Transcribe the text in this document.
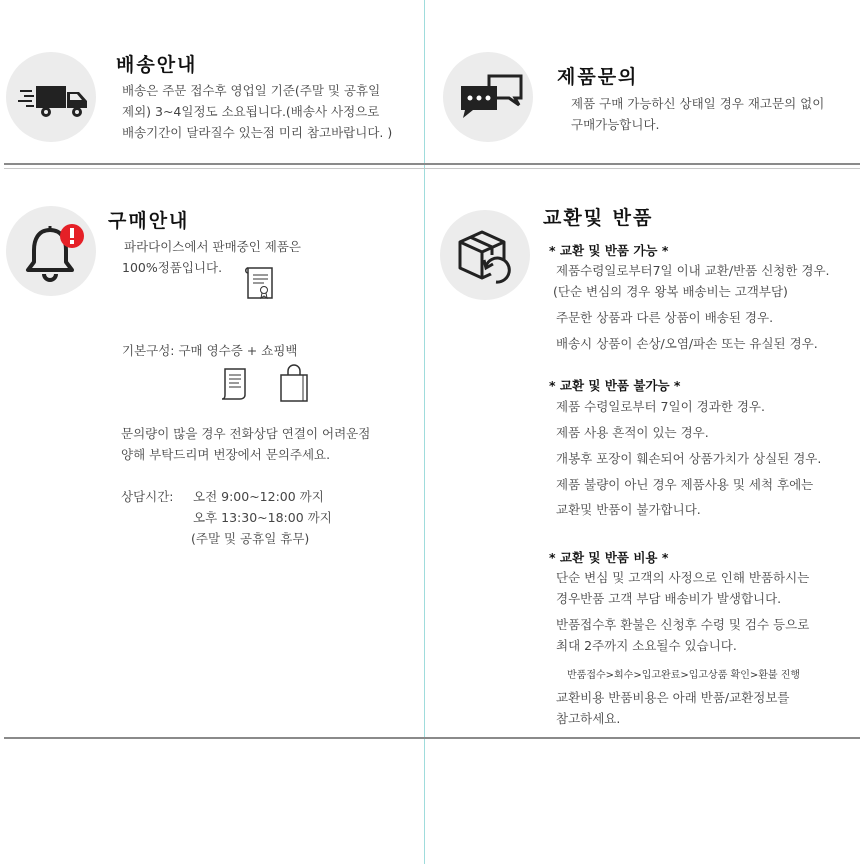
배송안내
배송은 주문 접수후 영업일 기준(주말 및 공휴일
제외) 3~4일정도 소요됩니다.(배송사 사정으로
배송기간이 달라질수 있는점 미리 참고바랍니다. )
제품문의
제품 구매 가능하신 상태일 경우 재고문의 없이
구매가능합니다.
구매안내
파라다이스에서 판매중인 제품은
100%정품입니다.
기본구성: 구매 영수증 + 쇼핑백
문의량이 많을 경우 전화상담 연결이 어려운점
양해 부탁드리며 번장에서 문의주세요.
상담시간: 오전 9:00~12:00 까지
오후 13:30~18:00 까지
(주말 및 공휴일 휴무)
교환및 반품
* 교환 및 반품 가능 *
제품수령일로부터7일 이내 교환/반품 신청한 경우.
(단순 변심의 경우 왕복 배송비는 고객부담)
주문한 상품과 다른 상품이 배송된 경우.
배송시 상품이 손상/오염/파손 또는 유실된 경우.
* 교환 및 반품 불가능 *
제품 수령일로부터 7일이 경과한 경우.
제품 사용 흔적이 있는 경우.
개봉후 포장이 훼손되어 상품가치가 상실된 경우.
제품 불량이 아닌 경우 제품사용 및 세척 후에는
교환및 반품이 불가합니다.
* 교환 및 반품 비용 *
단순 변심 및 고객의 사정으로 인해 반품하시는
경우반품 고객 부담 배송비가 발생합니다.
반품접수후 환불은 신청후 수령 및 검수 등으로
최대 2주까지 소요될수 있습니다.
반품접수>회수>입고완료>입고상품 확인>환불 진행
교환비용 반품비용은 아래 반품/교환정보를
참고하세요.
